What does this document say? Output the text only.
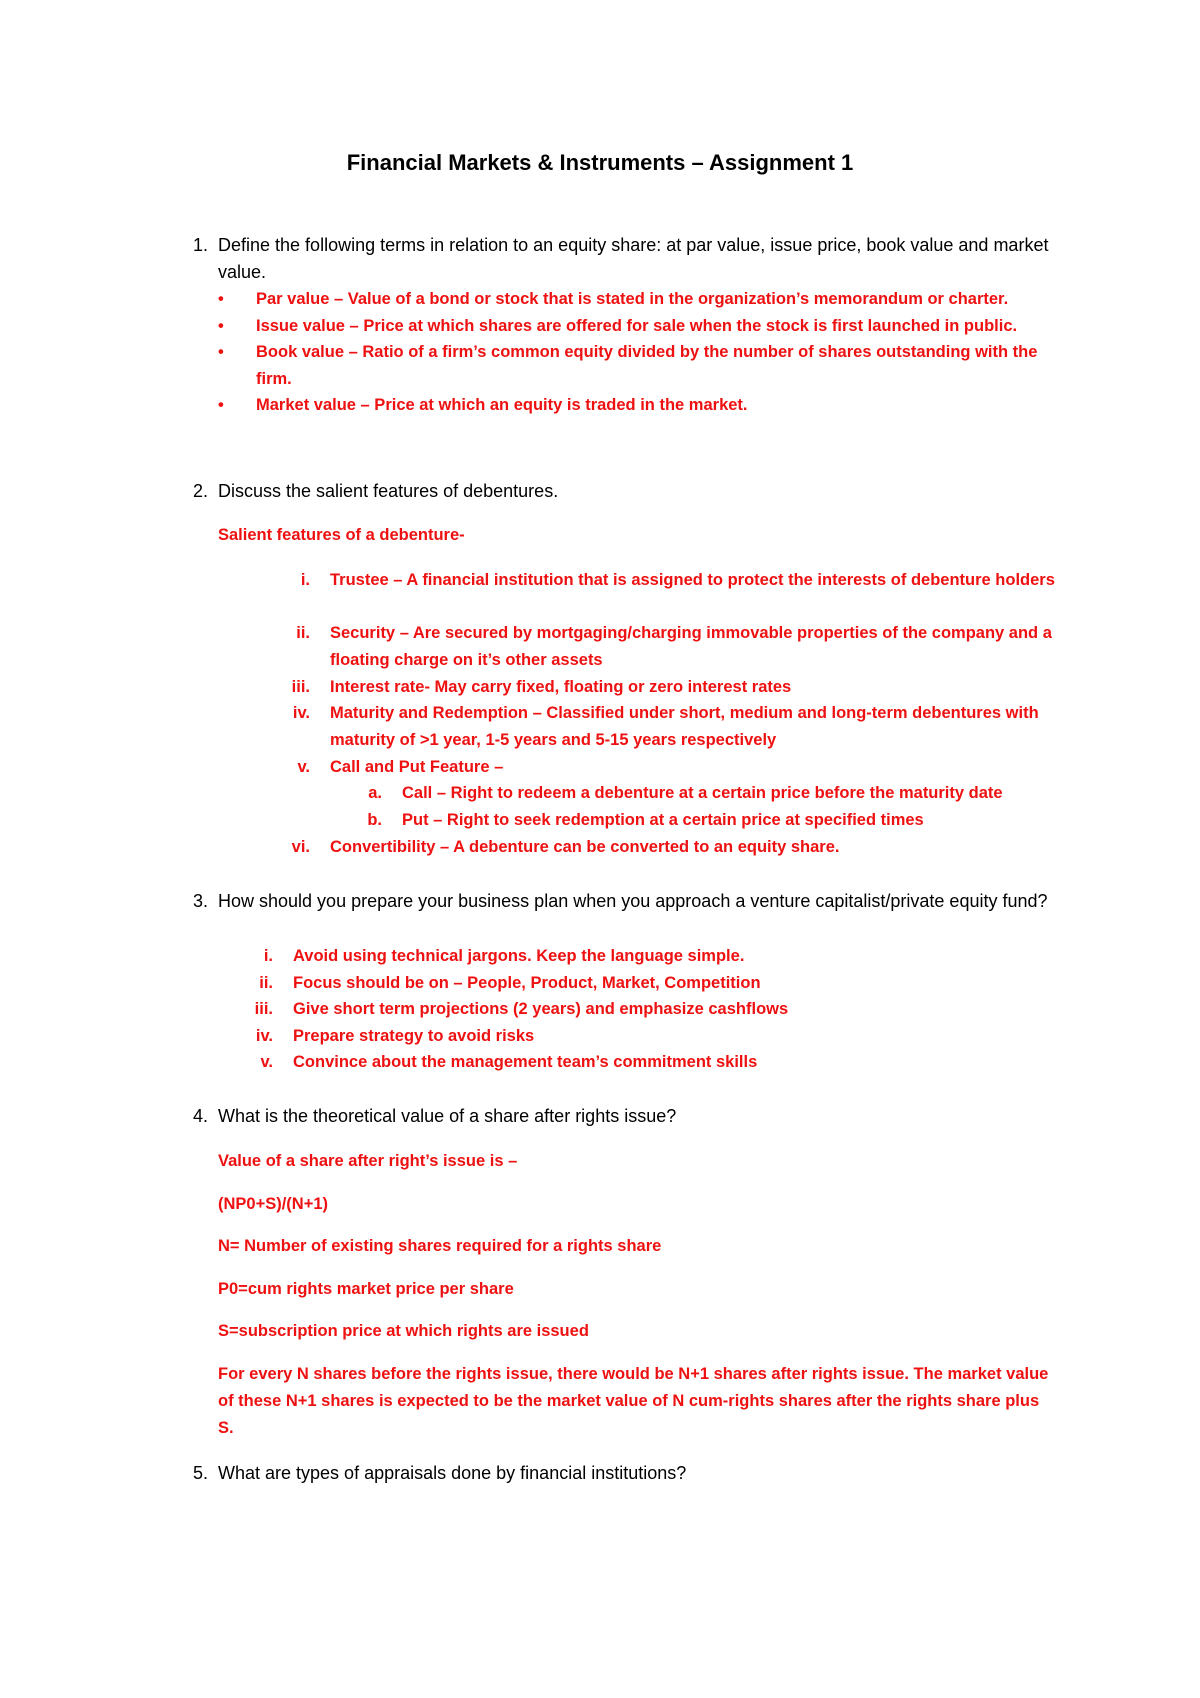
Financial Markets & Instruments – Assignment 1
1. Define the following terms in relation to an equity share: at par value, issue price, book value and market value.
• Par value – Value of a bond or stock that is stated in the organization’s memorandum or charter.
• Issue value – Price at which shares are offered for sale when the stock is first launched in public.
• Book value – Ratio of a firm’s common equity divided by the number of shares outstanding with the firm.
• Market value – Price at which an equity is traded in the market.
2. Discuss the salient features of debentures.
Salient features of a debenture-
i. Trustee – A financial institution that is assigned to protect the interests of debenture holders
ii. Security – Are secured by mortgaging/charging immovable properties of the company and a floating charge on it’s other assets
iii. Interest rate- May carry fixed, floating or zero interest rates
iv. Maturity and Redemption – Classified under short, medium and long-term debentures with maturity of >1 year, 1-5 years and 5-15 years respectively
v. Call and Put Feature –
a. Call – Right to redeem a debenture at a certain price before the maturity date
b. Put – Right to seek redemption at a certain price at specified times
vi. Convertibility – A debenture can be converted to an equity share.
3. How should you prepare your business plan when you approach a venture capitalist/private equity fund?
i. Avoid using technical jargons. Keep the language simple.
ii. Focus should be on – People, Product, Market, Competition
iii. Give short term projections (2 years) and emphasize cashflows
iv. Prepare strategy to avoid risks
v. Convince about the management team’s commitment skills
4. What is the theoretical value of a share after rights issue?
Value of a share after right’s issue is –
(NP0+S)/(N+1)
N= Number of existing shares required for a rights share
P0=cum rights market price per share
S=subscription price at which rights are issued
For every N shares before the rights issue, there would be N+1 shares after rights issue. The market value of these N+1 shares is expected to be the market value of N cum-rights shares after the rights share plus S.
5. What are types of appraisals done by financial institutions?
